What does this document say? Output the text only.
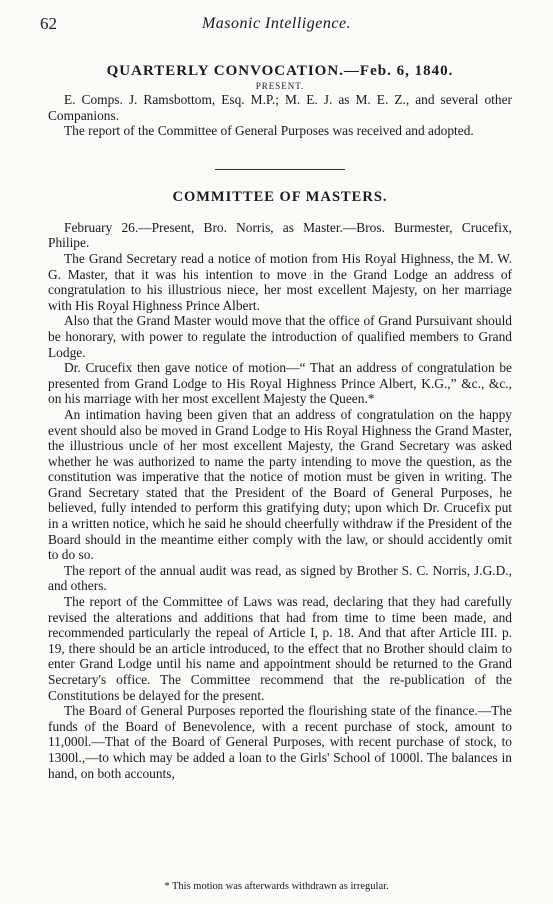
62	Masonic Intelligence.
QUARTERLY CONVOCATION.—Feb. 6, 1840.
PRESENT.

E. Comps. J. Ramsbottom, Esq. M.P.; M. E. J. as M. E. Z., and several other Companions.

The report of the Committee of General Purposes was received and adopted.

COMMITTEE OF MASTERS.

February 26.—Present, Bro. Norris, as Master.—Bros. Burmester, Crucefix, Philipe.

The Grand Secretary read a notice of motion from His Royal Highness, the M. W. G. Master, that it was his intention to move in the Grand Lodge an address of congratulation to his illustrious niece, her most excellent Majesty, on her marriage with His Royal Highness Prince Albert.

Also that the Grand Master would move that the office of Grand Pursuivant should be honorary, with power to regulate the introduction of qualified members to Grand Lodge.

Dr. Crucefix then gave notice of motion—“ That an address of congratulation be presented from Grand Lodge to His Royal Highness Prince Albert, K.G.,” &c., &c., on his marriage with her most excellent Majesty the Queen.*

An intimation having been given that an address of congratulation on the happy event should also be moved in Grand Lodge to His Royal Highness the Grand Master, the illustrious uncle of her most excellent Majesty, the Grand Secretary was asked whether he was authorized to name the party intending to move the question, as the constitution was imperative that the notice of motion must be given in writing. The Grand Secretary stated that the President of the Board of General Purposes, he believed, fully intended to perform this gratifying duty; upon which Dr. Crucefix put in a written notice, which he said he should cheerfully withdraw if the President of the Board should in the meantime either comply with the law, or should accidently omit to do so.

The report of the annual audit was read, as signed by Brother S. C. Norris, J.G.D., and others.

The report of the Committee of Laws was read, declaring that they had carefully revised the alterations and additions that had from time to time been made, and recommended particularly the repeal of Article I, p. 18. And that after Article III. p. 19, there should be an article introduced, to the effect that no Brother should claim to enter Grand Lodge until his name and appointment should be returned to the Grand Secretary's office. The Committee recommend that the re-publication of the Constitutions be delayed for the present.

The Board of General Purposes reported the flourishing state of the finance.—The funds of the Board of Benevolence, with a recent purchase of stock, amount to 11,000l.—That of the Board of General Purposes, with recent purchase of stock, to 1300l.,—to which may be added a loan to the Girls' School of 1000l. The balances in hand, on both accounts,

* This motion was afterwards withdrawn as irregular.
